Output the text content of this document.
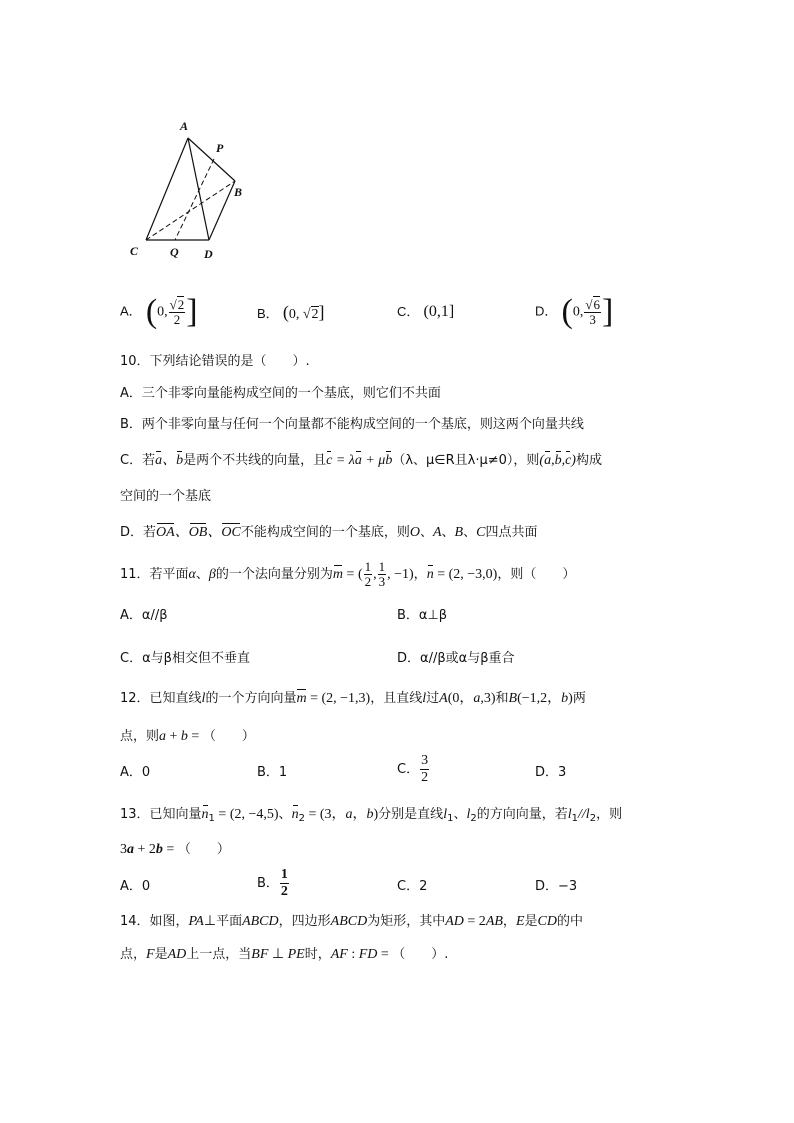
A
P
B
C	Q D
A． (0, $\frac{√2}{2}$ ]	B． (0, √2]	C． (0,1]	D． (0, $\frac{√6}{3}$ ]
10．下列结论错误的是（　　）.
A．三个非零向量能构成空间的一个基底，则它们不共面
B．两个非零向量与任何一个向量都不能构成空间的一个基底，则这两个向量共线
C．若a、b是两个不共线的向量，且c = λa + μb（λ、μ∈R且λ·μ≠0），则(a,b,c)构成
空间的一个基底
D．若OA、OB、OC不能构成空间的一个基底，则O、A、B、C四点共面
11．若平面α、β的一个法向量分别为m = ( $\frac{1}{2}$ , $\frac{1}{3}$ , −1)，n = (2, −3,0)，则（　　）
A．α//β	B．α⊥β
C．α与β相交但不垂直	D．α//β或α与β重合
12．已知直线l的一个方向向量m = (2, −1,3)，且直线l过A(0，a,3)和B(−1,2，b)两
点，则a + b = （　　）
A．0	B．1	C． $\frac{3}{2}$	D．3
13．已知向量$n_1 = (2$, −4,5)、$n_2 = (3$，a，b)分别是直线$l_1$、$l_2$的方向向量，若$l_1//l_2$，则
3a + 2b = （　　）
A．0	B． $\frac{1}{2}$	C．2	D．−3
14．如图，PA⊥平面ABCD，四边形ABCD为矩形，其中AD = 2AB，E是CD的中
点，F是AD上一点，当BF ⊥ PE时，AF : FD = （　　）.
